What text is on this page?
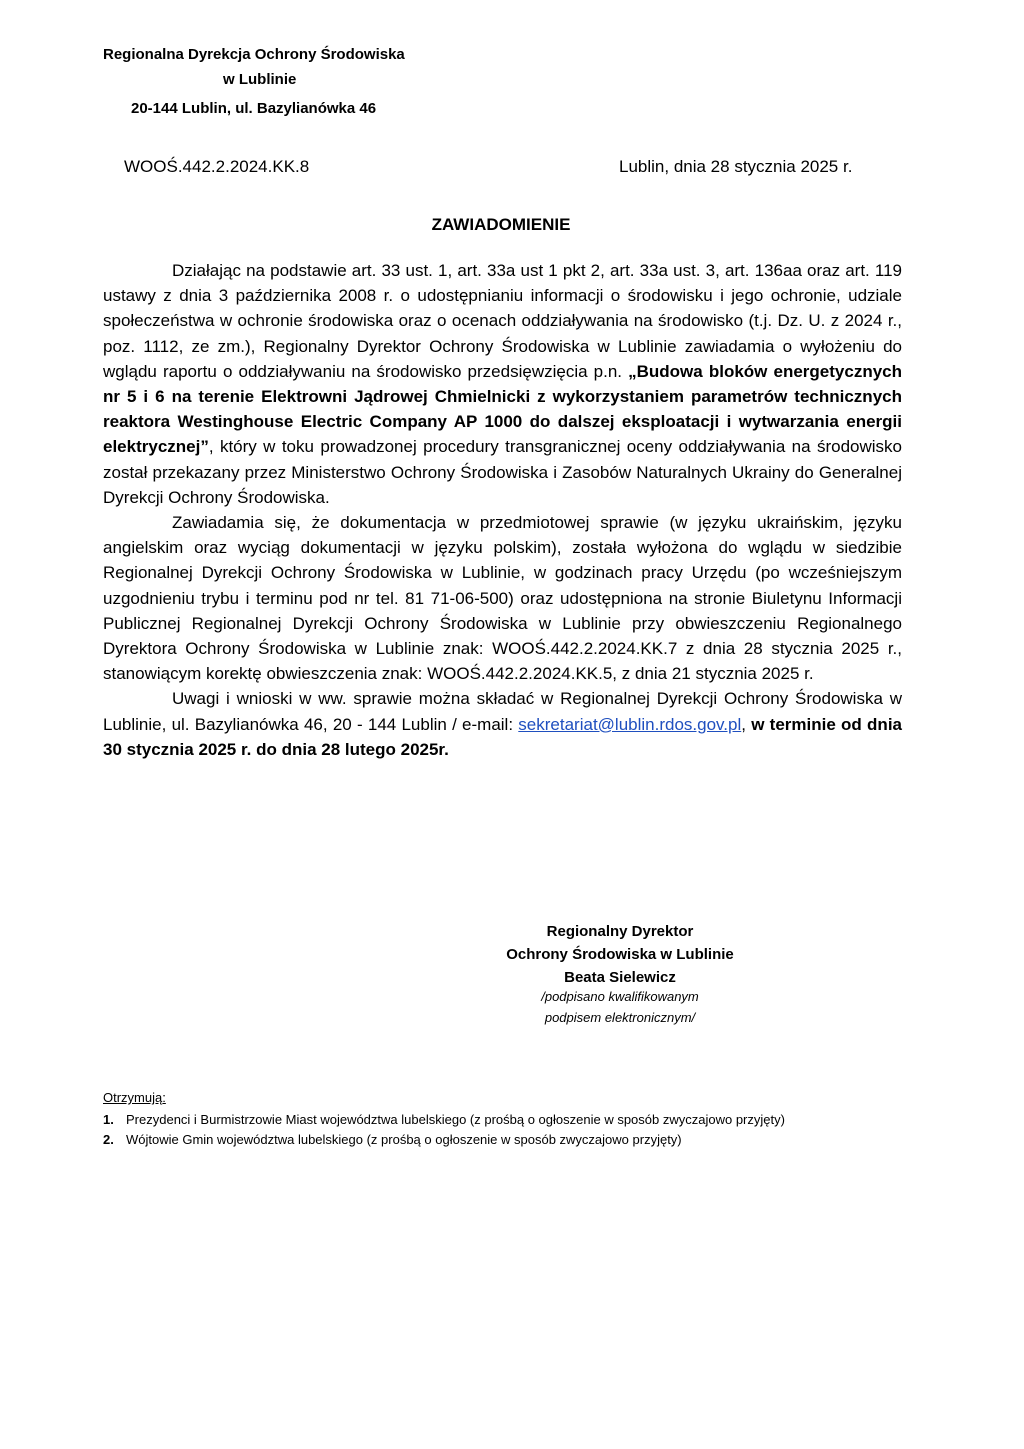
Regionalna Dyrekcja Ochrony Środowiska
w Lublinie
20-144 Lublin, ul. Bazylianówka 46
WOOŚ.442.2.2024.KK.8	Lublin, dnia 28 stycznia 2025 r.
ZAWIADOMIENIE

Działając na podstawie art. 33 ust. 1, art. 33a ust 1 pkt 2, art. 33a ust. 3, art. 136aa oraz art. 119 ustawy z dnia 3 października 2008 r. o udostępnianiu informacji o środowisku i jego ochronie, udziale społeczeństwa w ochronie środowiska oraz o ocenach oddziaływania na środowisko (t.j. Dz. U. z 2024 r., poz. 1112, ze zm.), Regionalny Dyrektor Ochrony Środowiska w Lublinie zawiadamia o wyłożeniu do wglądu raportu o oddziaływaniu na środowisko przedsięwzięcia p.n. „Budowa bloków energetycznych nr 5 i 6 na terenie Elektrowni Jądrowej Chmielnicki z wykorzystaniem parametrów technicznych reaktora Westinghouse Electric Company AP 1000 do dalszej eksploatacji i wytwarzania energii elektrycznej”, który w toku prowadzonej procedury transgranicznej oceny oddziaływania na środowisko został przekazany przez Ministerstwo Ochrony Środowiska i Zasobów Naturalnych Ukrainy do Generalnej Dyrekcji Ochrony Środowiska.

Zawiadamia się, że dokumentacja w przedmiotowej sprawie (w języku ukraińskim, języku angielskim oraz wyciąg dokumentacji w języku polskim), została wyłożona do wglądu w siedzibie Regionalnej Dyrekcji Ochrony Środowiska w Lublinie, w godzinach pracy Urzędu (po wcześniejszym uzgodnieniu trybu i terminu pod nr tel. 81 71-06-500) oraz udostępniona na stronie Biuletynu Informacji Publicznej Regionalnej Dyrekcji Ochrony Środowiska w Lublinie przy obwieszczeniu Regionalnego Dyrektora Ochrony Środowiska w Lublinie znak: WOOŚ.442.2.2024.KK.7 z dnia 28 stycznia 2025 r., stanowiącym korektę obwieszczenia znak: WOOŚ.442.2.2024.KK.5, z dnia 21 stycznia 2025 r.

Uwagi i wnioski w ww. sprawie można składać w Regionalnej Dyrekcji Ochrony Środowiska w Lublinie, ul. Bazylianówka 46, 20 - 144 Lublin / e-mail: sekretariat@lublin.rdos.gov.pl, w terminie od dnia 30 stycznia 2025 r. do dnia 28 lutego 2025r.

Regionalny Dyrektor
Ochrony Środowiska w Lublinie
Beata Sielewicz
/podpisano kwalifikowanym
podpisem elektronicznym/
Otrzymują:
1. Prezydenci i Burmistrzowie Miast województwa lubelskiego (z prośbą o ogłoszenie w sposób zwyczajowo przyjęty)
2. Wójtowie Gmin województwa lubelskiego (z prośbą o ogłoszenie w sposób zwyczajowo przyjęty)
